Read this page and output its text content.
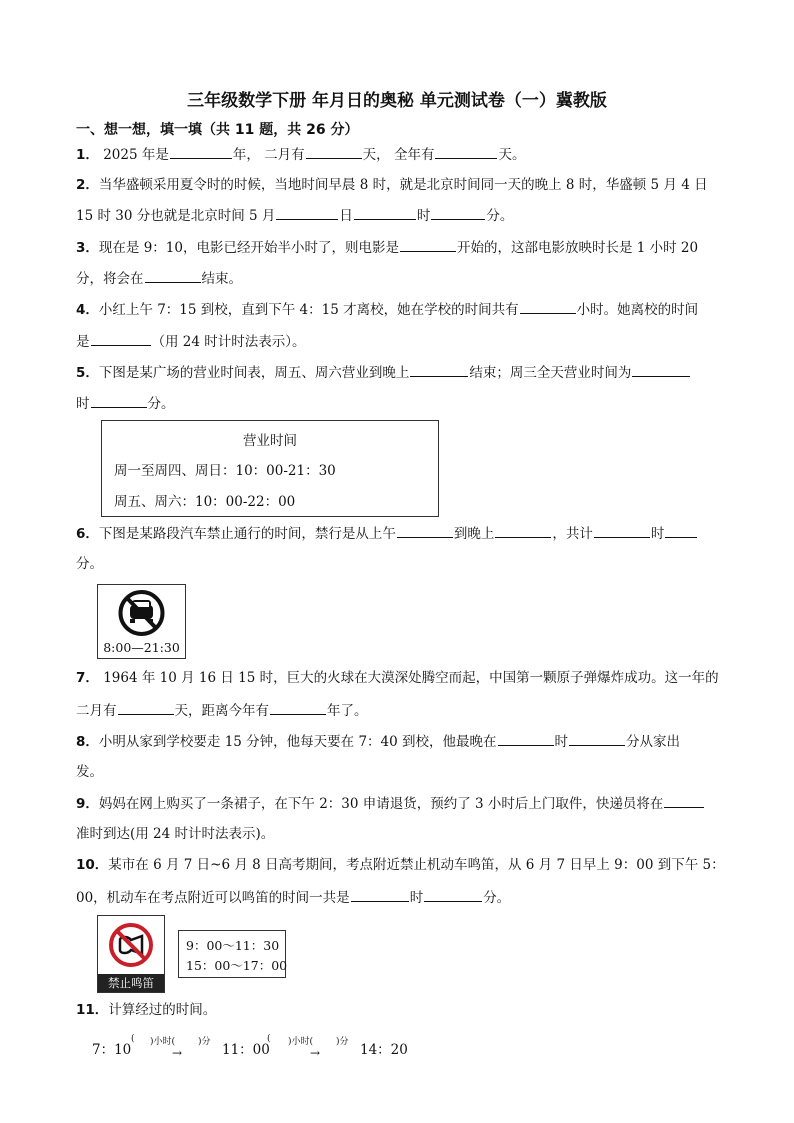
三年级数学下册 年月日的奥秘 单元测试卷（一）冀教版
一、想一想，填一填（共 11 题，共 26 分）
1． 2025 年是	年， 二月有	天， 全年有	天。
2．当华盛顿采用夏令时的时候，当地时间早晨 8 时，就是北京时间同一天的晚上 8 时，华盛顿 5 月 4 日
15 时 30 分也就是北京时间 5 月	日	时	分。
3．现在是 9：10，电影已经开始半小时了，则电影是	开始的，这部电影放映时长是 1 小时 20
分，将会在	结束。
4．小红上午 7：15 到校，直到下午 4：15 才离校，她在学校的时间共有	小时。她离校的时间
是	（用 24 时计时法表示）。
5．下图是某广场的营业时间表，周五、周六营业到晚上	结束；周三全天营业时间为
时	分。
营业时间
周一至周四、周日：10：00-21：30
周五、周六：10：00-22：00
6．下图是某路段汽车禁止通行的时间，禁行是从上午	到晚上	，共计	时
分。
8:00—21:30
7． 1964 年 10 月 16 日 15 时，巨大的火球在大漠深处腾空而起，中国第一颗原子弹爆炸成功。这一年的
二月有	天，距离今年有	年了。
8．小明从家到学校要走 15 分钟，他每天要在 7：40 到校，他最晚在	时	分从家出
发。
9．妈妈在网上购买了一条裙子，在下午 2：30 申请退货，预约了 3 小时后上门取件，快递员将在
准时到达(用 24 时计时法表示)。
10．某市在 6 月 7 日~6 月 8 日高考期间，考点附近禁止机动车鸣笛，从 6 月 7 日早上 9：00 到下午 5：
00，机动车在考点附近可以鸣笛的时间一共是	时	分。
禁止鸣笛
9：00～11：30
15：00～17：00
11．计算经过的时间。
7：10
( )小时(	)分
→	11：00
( )小时(	)分
→	14：20
